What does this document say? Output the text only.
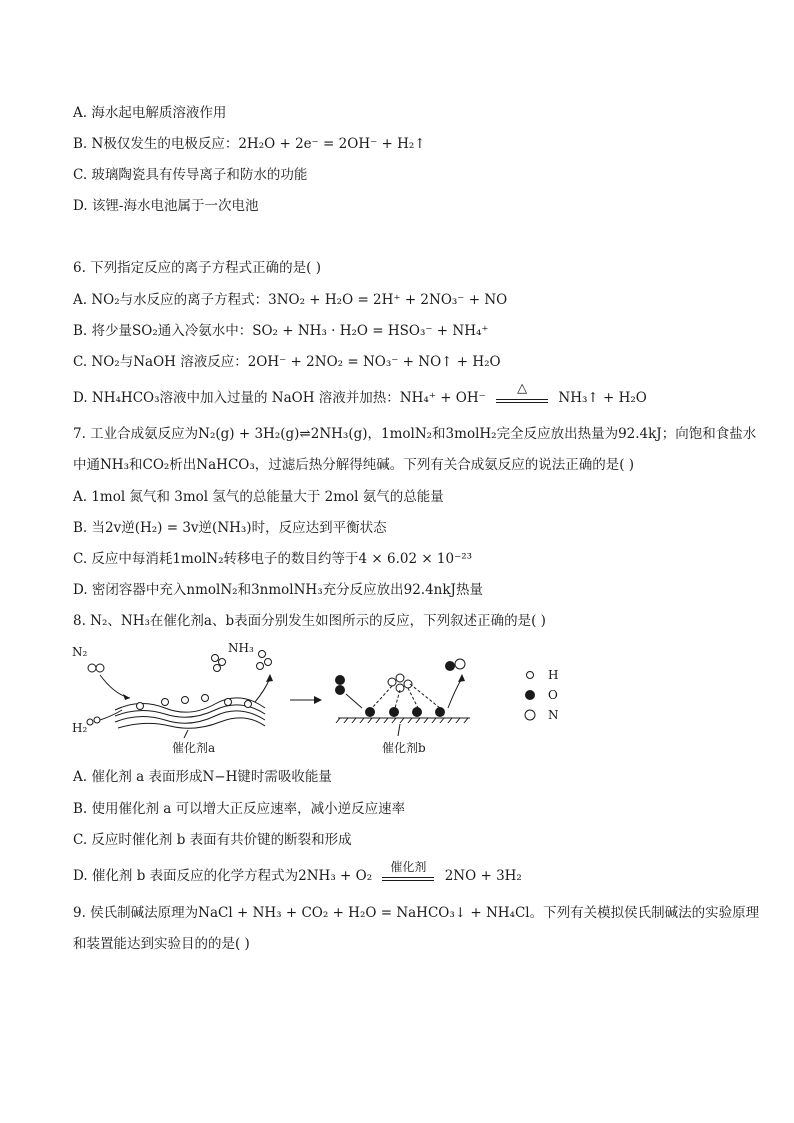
A. 海水起电解质溶液作用
B. N极仅发生的电极反应：2H₂O + 2e⁻ = 2OH⁻ + H₂↑
C. 玻璃陶瓷具有传导离子和防水的功能
D. 该锂-海水电池属于一次电池
6. 下列指定反应的离子方程式正确的是( )
A. NO₂与水反应的离子方程式：3NO₂ + H₂O = 2H⁺ + 2NO₃⁻ + NO
B. 将少量SO₂通入冷氨水中：SO₂ + NH₃ · H₂O = HSO₃⁻ + NH₄⁺
C. NO₂与NaOH 溶液反应：2OH⁻ + 2NO₂ = NO₃⁻ + NO↑ + H₂O
D. NH₄HCO₃溶液中加入过量的 NaOH 溶液并加热：NH₄⁺ + OH⁻
△
NH₃↑ + H₂O
7. 工业合成氨反应为N₂(g) + 3H₂(g)⇌2NH₃(g)，1molN₂和3molH₂完全反应放出热量为92.4kJ；向饱和食盐水
中通NH₃和CO₂析出NaHCO₃，过滤后热分解得纯碱。下列有关合成氨反应的说法正确的是( )
A. 1mol 氮气和 3mol 氢气的总能量大于 2mol 氨气的总能量
B. 当2v逆(H₂) = 3v逆(NH₃)时，反应达到平衡状态
C. 反应中每消耗1molN₂转移电子的数目约等于4 × 6.02 × 10⁻²³
D. 密闭容器中充入nmolN₂和3nmolNH₃充分反应放出92.4nkJ热量
8. N₂、NH₃在催化剂a、b表面分别发生如图所示的反应，下列叙述正确的是( )
N₂
H₂
NH₃
催化剂a	催化剂b
H
O
N
A. 催化剂 a 表面形成N−H键时需吸收能量
B. 使用催化剂 a 可以增大正反应速率，减小逆反应速率
C. 反应时催化剂 b 表面有共价键的断裂和形成
D. 催化剂 b 表面反应的化学方程式为2NH₃ + O₂
催化剂
2NO + 3H₂
9. 侯氏制碱法原理为NaCl + NH₃ + CO₂ + H₂O = NaHCO₃↓ + NH₄Cl。下列有关模拟侯氏制碱法的实验原理
和装置能达到实验目的的是( )
